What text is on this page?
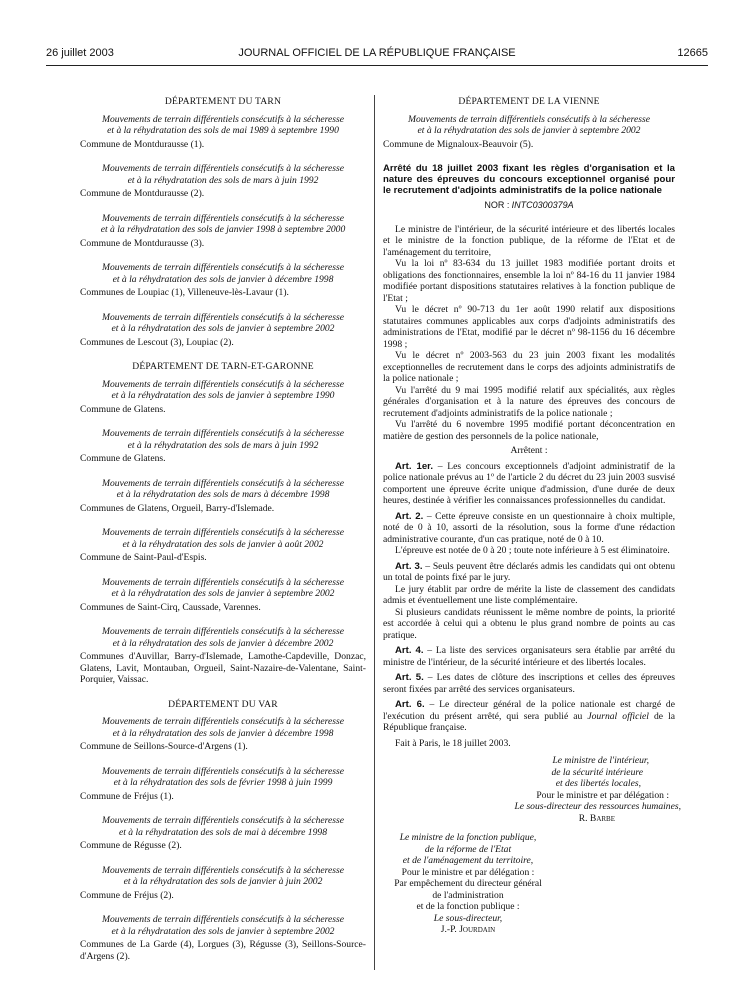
26 juillet 2003	JOURNAL OFFICIEL DE LA RÉPUBLIQUE FRANÇAISE	12665
DÉPARTEMENT DU TARN

Mouvements de terrain différentiels consécutifs à la sécheresse

et à la réhydratation des sols de mai 1989 à septembre 1990

Commune de Montdurausse (1).

Mouvements de terrain différentiels consécutifs à la sécheresse

et à la réhydratation des sols de mars à juin 1992

Commune de Montdurausse (2).

Mouvements de terrain différentiels consécutifs à la sécheresse

et à la réhydratation des sols de janvier 1998 à septembre 2000

Commune de Montdurausse (3).

Mouvements de terrain différentiels consécutifs à la sécheresse

et à la réhydratation des sols de janvier à décembre 1998

Communes de Loupiac (1), Villeneuve-lès-Lavaur (1).

Mouvements de terrain différentiels consécutifs à la sécheresse

et à la réhydratation des sols de janvier à septembre 2002

Communes de Lescout (3), Loupiac (2).

DÉPARTEMENT DE TARN-ET-GARONNE

Mouvements de terrain différentiels consécutifs à la sécheresse

et à la réhydratation des sols de janvier à septembre 1990

Commune de Glatens.

Mouvements de terrain différentiels consécutifs à la sécheresse

et à la réhydratation des sols de mars à juin 1992

Commune de Glatens.

Mouvements de terrain différentiels consécutifs à la sécheresse

et à la réhydratation des sols de mars à décembre 1998

Communes de Glatens, Orgueil, Barry-d'Islemade.

Mouvements de terrain différentiels consécutifs à la sécheresse

et à la réhydratation des sols de janvier à août 2002

Commune de Saint-Paul-d'Espis.

Mouvements de terrain différentiels consécutifs à la sécheresse

et à la réhydratation des sols de janvier à septembre 2002

Communes de Saint-Cirq, Caussade, Varennes.

Mouvements de terrain différentiels consécutifs à la sécheresse

et à la réhydratation des sols de janvier à décembre 2002

Communes d'Auvillar, Barry-d'Islemade, Lamothe-Capdeville, Donzac, Glatens, Lavit, Montauban, Orgueil, Saint-Nazaire-de-Valentane, Saint-Porquier, Vaissac.

DÉPARTEMENT DU VAR

Mouvements de terrain différentiels consécutifs à la sécheresse

et à la réhydratation des sols de janvier à décembre 1998

Commune de Seillons-Source-d'Argens (1).

Mouvements de terrain différentiels consécutifs à la sécheresse

et à la réhydratation des sols de février 1998 à juin 1999

Commune de Fréjus (1).

Mouvements de terrain différentiels consécutifs à la sécheresse

et à la réhydratation des sols de mai à décembre 1998

Commune de Régusse (2).

Mouvements de terrain différentiels consécutifs à la sécheresse

et à la réhydratation des sols de janvier à juin 2002

Commune de Fréjus (2).

Mouvements de terrain différentiels consécutifs à la sécheresse

et à la réhydratation des sols de janvier à septembre 2002

Communes de La Garde (4), Lorgues (3), Régusse (3), Seillons-Source-d'Argens (2).

DÉPARTEMENT DE LA VIENNE

Mouvements de terrain différentiels consécutifs à la sécheresse

et à la réhydratation des sols de janvier à septembre 2002

Commune de Mignaloux-Beauvoir (5).

Arrêté du 18 juillet 2003 fixant les règles d'organisation et la nature des épreuves du concours exceptionnel organisé pour le recrutement d'adjoints administratifs de la police nationale

NOR : INTC0300379A

Le ministre de l'intérieur, de la sécurité intérieure et des libertés locales et le ministre de la fonction publique, de la réforme de l'Etat et de l'aménagement du territoire,

Vu la loi nº 83-634 du 13 juillet 1983 modifiée portant droits et obligations des fonctionnaires, ensemble la loi nº 84-16 du 11 janvier 1984 modifiée portant dispositions statutaires relatives à la fonction publique de l'Etat ;

Vu le décret nº 90-713 du 1er août 1990 relatif aux dispositions statutaires communes applicables aux corps d'adjoints administratifs des administrations de l'Etat, modifié par le décret nº 98-1156 du 16 décembre 1998 ;

Vu le décret nº 2003-563 du 23 juin 2003 fixant les modalités exceptionnelles de recrutement dans le corps des adjoints administratifs de la police nationale ;

Vu l'arrêté du 9 mai 1995 modifié relatif aux spécialités, aux règles générales d'organisation et à la nature des épreuves des concours de recrutement d'adjoints administratifs de la police nationale ;

Vu l'arrêté du 6 novembre 1995 modifié portant déconcentration en matière de gestion des personnels de la police nationale,

Arrêtent :

Art. 1er. – Les concours exceptionnels d'adjoint administratif de la police nationale prévus au 1º de l'article 2 du décret du 23 juin 2003 susvisé comportent une épreuve écrite unique d'admission, d'une durée de deux heures, destinée à vérifier les connaissances professionnelles du candidat.

Art. 2. – Cette épreuve consiste en un questionnaire à choix multiple, noté de 0 à 10, assorti de la résolution, sous la forme d'une rédaction administrative courante, d'un cas pratique, noté de 0 à 10.

L'épreuve est notée de 0 à 20 ; toute note inférieure à 5 est éliminatoire.

Art. 3. – Seuls peuvent être déclarés admis les candidats qui ont obtenu un total de points fixé par le jury.

Le jury établit par ordre de mérite la liste de classement des candidats admis et éventuellement une liste complémentaire.

Si plusieurs candidats réunissent le même nombre de points, la priorité est accordée à celui qui a obtenu le plus grand nombre de points au cas pratique.

Art. 4. – La liste des services organisateurs sera établie par arrêté du ministre de l'intérieur, de la sécurité intérieure et des libertés locales.

Art. 5. – Les dates de clôture des inscriptions et celles des épreuves seront fixées par arrêté des services organisateurs.

Art. 6. – Le directeur général de la police nationale est chargé de l'exécution du présent arrêté, qui sera publié au Journal officiel de la République française.

Fait à Paris, le 18 juillet 2003.

Le ministre de l'intérieur,

de la sécurité intérieure

et des libertés locales,

Pour le ministre et par délégation :

Le sous-directeur des ressources humaines,

R. Barbe

Le ministre de la fonction publique,

de la réforme de l'Etat

et de l'aménagement du territoire,

Pour le ministre et par délégation :

Par empêchement du directeur général

de l'administration

et de la fonction publique :

Le sous-directeur,

J.-P. Jourdain
